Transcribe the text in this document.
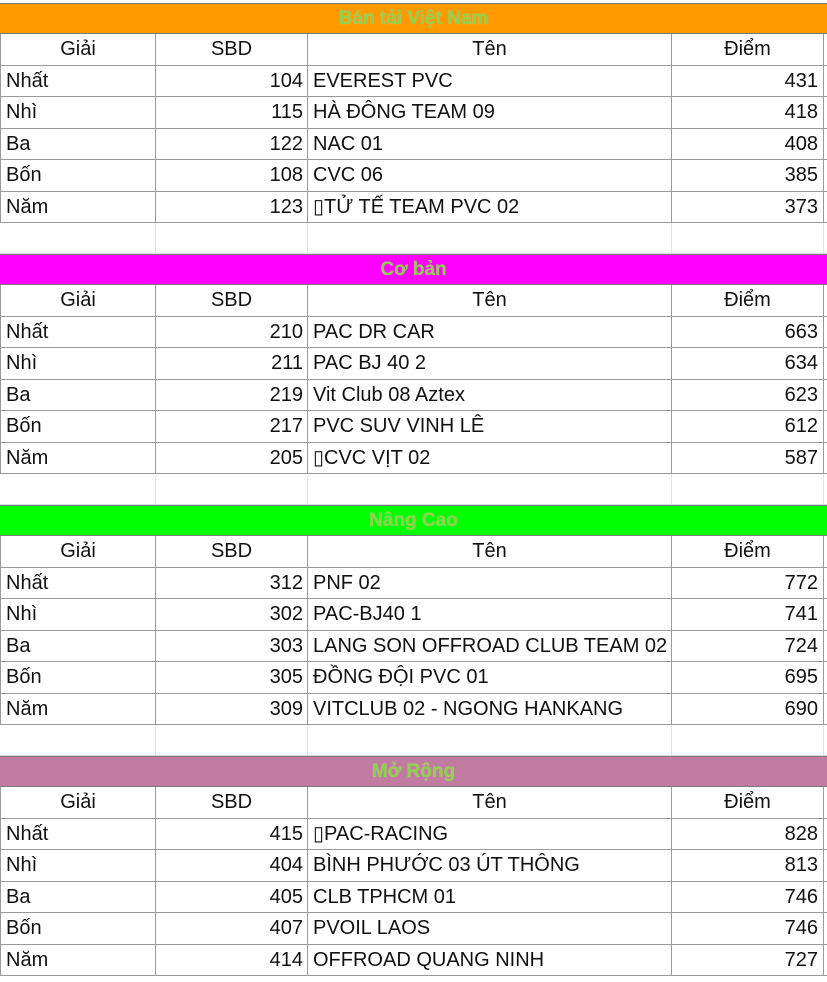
Bán tải Việt Nam
Giải	SBD	Tên	Điểm
Nhất	104 EVEREST PVC	431
Nhì	115 HÀ ĐÔNG TEAM 09	418
Ba	122 NAC 01	408
Bốn	108 CVC 06	385
Năm	123 ▯TỬ TẾ TEAM PVC 02	373
Cơ bản
Giải	SBD	Tên	Điểm
Nhất	210 PAC DR CAR	663
Nhì	211 PAC BJ 40 2	634
Ba	219 Vit Club 08 Aztex	623
Bốn	217 PVC SUV VINH LÊ	612
Năm	205 ▯CVC VỊT 02	587
Nâng Cao
Giải	SBD	Tên	Điểm
Nhất	312 PNF 02	772
Nhì	302 PAC-BJ40 1	741
Ba	303 LANG SON OFFROAD CLUB TEAM 02	724
Bốn	305 ĐỒNG ĐỘI PVC 01	695
Năm	309 VITCLUB 02 - NGONG HANKANG	690
Mở Rộng
Giải	SBD	Tên	Điểm
Nhất	415 ▯PAC-RACING	828
Nhì	404 BÌNH PHƯỚC 03 ÚT THÔNG	813
Ba	405 CLB TPHCM 01	746
Bốn	407 PVOIL LAOS	746
Năm	414 OFFROAD QUANG NINH	727
